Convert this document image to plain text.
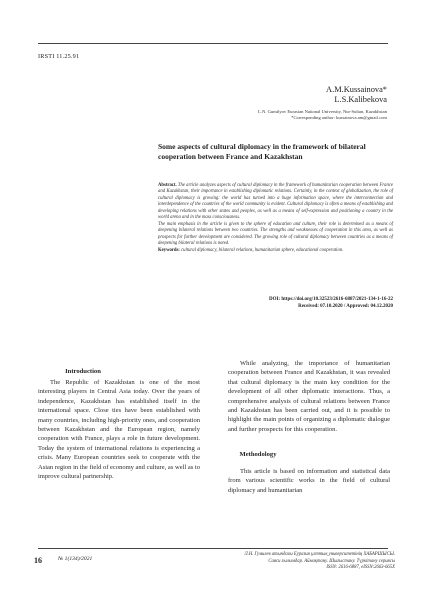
IRSTI 11.25.91
A.M.Kussainova*
L.S.Kalibekova
L.N. Gumilyov Eurasian National University, Nur-Sultan, Kazakhstan
*Corresponding author: kussainova.am@gmail.com
Some aspects of cultural diplomacy in the framework of bilateral cooperation between France and Kazakhstan
Abstract. The article analyzes aspects of cultural diplomacy in the framework of humanitarian cooperation between France and Kazakhstan, their importance in establishing diplomatic relations. Certainly, in the context of globalization, the role of cultural diplomacy is growing: the world has turned into a huge information space, where the interconnection and interdependence of the countries of the world community is evident. Cultural diplomacy is often a means of establishing and developing relations with other states and peoples, as well as a means of self-expression and positioning a country in the world arena and in the mass consciousness.
The main emphasis in the article is given to the sphere of education and culture, their role is determined as a means of deepening bilateral relations between two countries. The strengths and weaknesses of cooperation in this area, as well as prospects for further development are considered. The growing role of cultural diplomacy between countries as a means of deepening bilateral relations is noted.
Keywords: cultural diplomacy, bilateral relations, humanitarian sphere, educational cooperation.
DOI: https://doi.org/10.32523/2616-6887/2021-134-1-16-22
Received: 07.10.2020 / Approved: 04.12.2020
Introduction

The Republic of Kazakhstan is one of the most interesting players in Central Asia today. Over the years of independence, Kazakhstan has established itself in the international space. Close ties have been established with many countries, including high-priority ones, and cooperation between Kazakhstan and the European region, namely cooperation with France, plays a role in future development. Today the system of international relations is experiencing a crisis. Many European countries seek to cooperate with the Asian region in the field of economy and culture, as well as to improve cultural partnership.

While analyzing, the importance of humanitarian cooperation between France and Kazakhstan, it was revealed that cultural diplomacy is the main key condition for the development of all other diplomatic interactions. Thus, a comprehensive analysis of cultural relations between France and Kazakhstan has been carried out, and it is possible to highlight the main points of organizing a diplomatic dialogue and further prospects for this cooperation.

Methodology

This article is based on information and statistical data from various scientific works in the field of cultural diplomacy and humanitarian

16	№ 1(134)/2021
Л.Н. Гумилев атындағы Еуразия ұлттық университетінің ХАБАРШЫСЫ.
Саяси ғылымдар. Аймақтану. Шығыстану. Түркітану сериясы
ISSN: 2616-6887, eISSN:2663-665X
